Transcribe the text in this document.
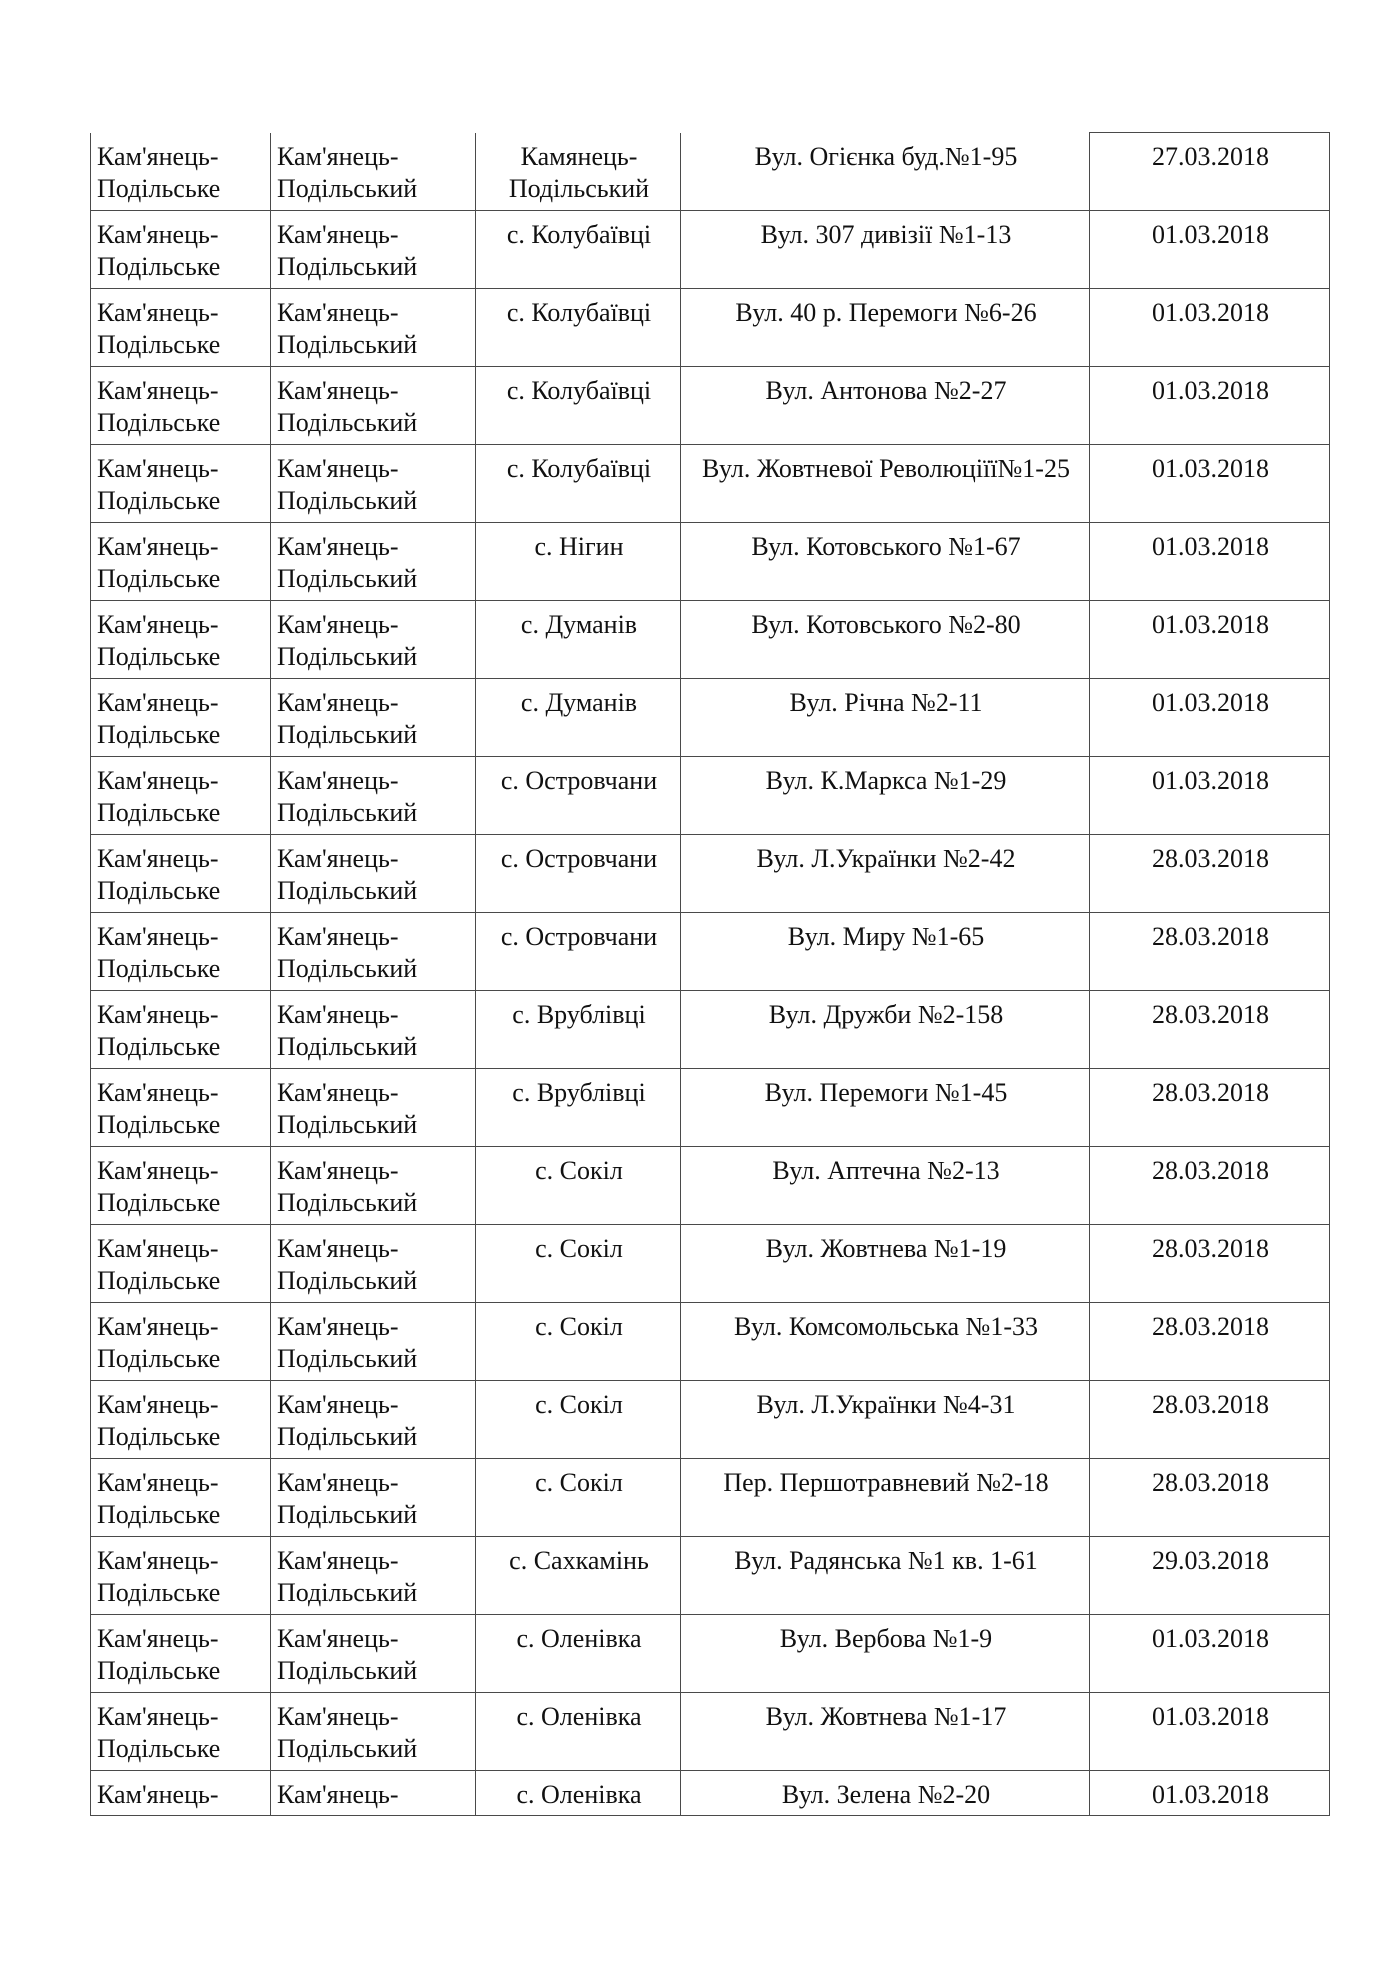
Кам'янець-Подільське	Кам'янець-Подільський	Камянець-Подільський	Вул. Огієнка буд.№1-95	27.03.2018
Кам'янець-Подільське	Кам'янець-Подільський	с. Колубаївці	Вул. 307 дивізії №1-13	01.03.2018
Кам'янець-Подільське	Кам'янець-Подільський	с. Колубаївці	Вул. 40 р. Перемоги №6-26	01.03.2018
Кам'янець-Подільське	Кам'янець-Подільський	с. Колубаївці	Вул. Антонова №2-27	01.03.2018
Кам'янець-Подільське	Кам'янець-Подільський	с. Колубаївці	Вул. Жовтневої Революціїї№1-25	01.03.2018
Кам'янець-Подільське	Кам'янець-Подільський	с. Нігин	Вул. Котовського №1-67	01.03.2018
Кам'янець-Подільське	Кам'янець-Подільський	с. Думанів	Вул. Котовського №2-80	01.03.2018
Кам'янець-Подільське	Кам'янець-Подільський	с. Думанів	Вул. Річна №2-11	01.03.2018
Кам'янець-Подільське	Кам'янець-Подільський	с. Островчани	Вул. К.Маркса №1-29	01.03.2018
Кам'янець-Подільське	Кам'янець-Подільський	с. Островчани	Вул. Л.Українки №2-42	28.03.2018
Кам'янець-Подільське	Кам'янець-Подільський	с. Островчани	Вул. Миру №1-65	28.03.2018
Кам'янець-Подільське	Кам'янець-Подільський	с. Врублівці	Вул. Дружби №2-158	28.03.2018
Кам'янець-Подільське	Кам'янець-Подільський	с. Врублівці	Вул. Перемоги №1-45	28.03.2018
Кам'янець-Подільське	Кам'янець-Подільський	с. Сокіл	Вул. Аптечна №2-13	28.03.2018
Кам'янець-Подільське	Кам'янець-Подільський	с. Сокіл	Вул. Жовтнева №1-19	28.03.2018
Кам'янець-Подільське	Кам'янець-Подільський	с. Сокіл	Вул. Комсомольська №1-33	28.03.2018
Кам'янець-Подільське	Кам'янець-Подільський	с. Сокіл	Вул. Л.Українки №4-31	28.03.2018
Кам'янець-Подільське	Кам'янець-Подільський	с. Сокіл	Пер. Першотравневий №2-18	28.03.2018
Кам'янець-Подільське	Кам'янець-Подільський	с. Сахкамінь	Вул. Радянська №1 кв. 1-61	29.03.2018
Кам'янець-Подільське	Кам'янець-Подільський	с. Оленівка	Вул. Вербова №1-9	01.03.2018
Кам'янець-Подільське	Кам'янець-Подільський	с. Оленівка	Вул. Жовтнева №1-17	01.03.2018
Кам'янець-	Кам'янець-	с. Оленівка	Вул. Зелена №2-20	01.03.2018
